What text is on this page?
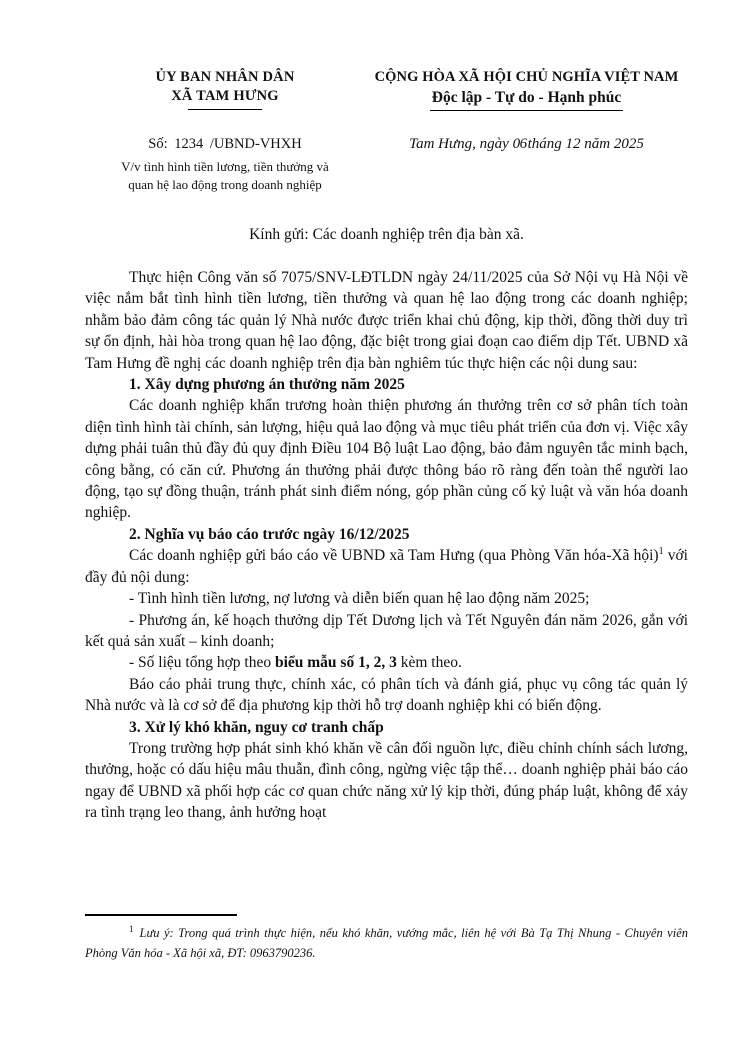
ỦY BAN NHÂN DÂN
XÃ TAM HƯNG
Số: 1234 /UBND-VHXH
V/v tình hình tiền lương, tiền thưởng và quan hệ lao động trong doanh nghiệp
CỘNG HÒA XÃ HỘI CHỦ NGHĨA VIỆT NAM
Độc lập - Tự do - Hạnh phúc
Tam Hưng, ngày 06tháng 12 năm 2025
Kính gửi: Các doanh nghiệp trên địa bàn xã.

Thực hiện Công văn số 7075/SNV-LĐTLDN ngày 24/11/2025 của Sở Nội vụ Hà Nội về việc nắm bắt tình hình tiền lương, tiền thưởng và quan hệ lao động trong các doanh nghiệp; nhằm bảo đảm công tác quản lý Nhà nước được triển khai chủ động, kịp thời, đồng thời duy trì sự ổn định, hài hòa trong quan hệ lao động, đặc biệt trong giai đoạn cao điểm dịp Tết. UBND xã Tam Hưng đề nghị các doanh nghiệp trên địa bàn nghiêm túc thực hiện các nội dung sau:

1. Xây dựng phương án thưởng năm 2025

Các doanh nghiệp khẩn trương hoàn thiện phương án thưởng trên cơ sở phân tích toàn diện tình hình tài chính, sản lượng, hiệu quả lao động và mục tiêu phát triển của đơn vị. Việc xây dựng phải tuân thủ đầy đủ quy định Điều 104 Bộ luật Lao động, bảo đảm nguyên tắc minh bạch, công bằng, có căn cứ. Phương án thưởng phải được thông báo rõ ràng đến toàn thể người lao động, tạo sự đồng thuận, tránh phát sinh điểm nóng, góp phần củng cố kỷ luật và văn hóa doanh nghiệp.

2. Nghĩa vụ báo cáo trước ngày 16/12/2025

Các doanh nghiệp gửi báo cáo về UBND xã Tam Hưng (qua Phòng Văn hóa-Xã hội)$^1$ với đầy đủ nội dung:

- Tình hình tiền lương, nợ lương và diễn biến quan hệ lao động năm 2025;

- Phương án, kế hoạch thưởng dịp Tết Dương lịch và Tết Nguyên đán năm 2026, gắn với kết quả sản xuất – kinh doanh;

- Số liệu tổng hợp theo biểu mẫu số 1, 2, 3 kèm theo.

Báo cáo phải trung thực, chính xác, có phân tích và đánh giá, phục vụ công tác quản lý Nhà nước và là cơ sở để địa phương kịp thời hỗ trợ doanh nghiệp khi có biến động.

3. Xử lý khó khăn, nguy cơ tranh chấp

Trong trường hợp phát sinh khó khăn về cân đối nguồn lực, điều chỉnh chính sách lương, thưởng, hoặc có dấu hiệu mâu thuẫn, đình công, ngừng việc tập thể… doanh nghiệp phải báo cáo ngay để UBND xã phối hợp các cơ quan chức năng xử lý kịp thời, đúng pháp luật, không để xảy ra tình trạng leo thang, ảnh hưởng hoạt

$^1$ Lưu ý: Trong quá trình thực hiện, nếu khó khăn, vướng mắc, liên hệ với Bà Tạ Thị Nhung - Chuyên viên Phòng Văn hóa - Xã hội xã, ĐT: 0963790236.
